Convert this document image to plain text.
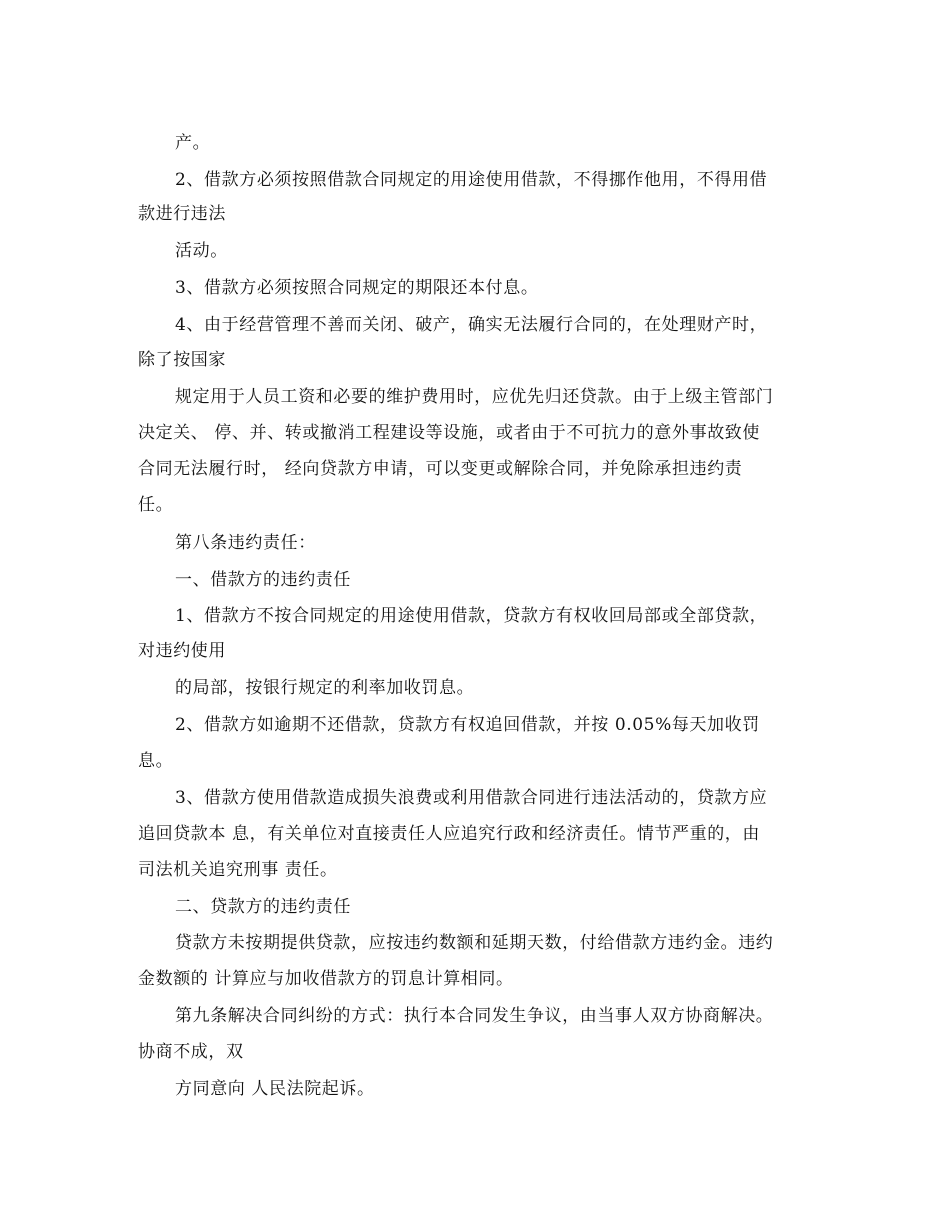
产。

2、借款方必须按照借款合同规定的用途使用借款，不得挪作他用，不得用借

款进行违法

活动。

3、借款方必须按照合同规定的期限还本付息。

4、由于经营管理不善而关闭、破产，确实无法履行合同的，在处理财产时，

除了按国家

规定用于人员工资和必要的维护费用时，应优先归还贷款。由于上级主管部门

决定关、 停、并、转或撤消工程建设等设施，或者由于不可抗力的意外事故致使

合同无法履行时， 经向贷款方申请，可以变更或解除合同，并免除承担违约责

任。

第八条违约责任：

一、借款方的违约责任

1、借款方不按合同规定的用途使用借款，贷款方有权收回局部或全部贷款，

对违约使用

的局部，按银行规定的利率加收罚息。

2、借款方如逾期不还借款，贷款方有权追回借款，并按 0.05%每天加收罚

息。

3、借款方使用借款造成损失浪费或利用借款合同进行违法活动的，贷款方应

追回贷款本 息，有关单位对直接责任人应追究行政和经济责任。情节严重的，由

司法机关追究刑事 责任。

二、贷款方的违约责任

贷款方未按期提供贷款，应按违约数额和延期天数，付给借款方违约金。违约

金数额的 计算应与加收借款方的罚息计算相同。

第九条解决合同纠纷的方式：执行本合同发生争议，由当事人双方协商解决。

协商不成，双

方同意向 人民法院起诉。
